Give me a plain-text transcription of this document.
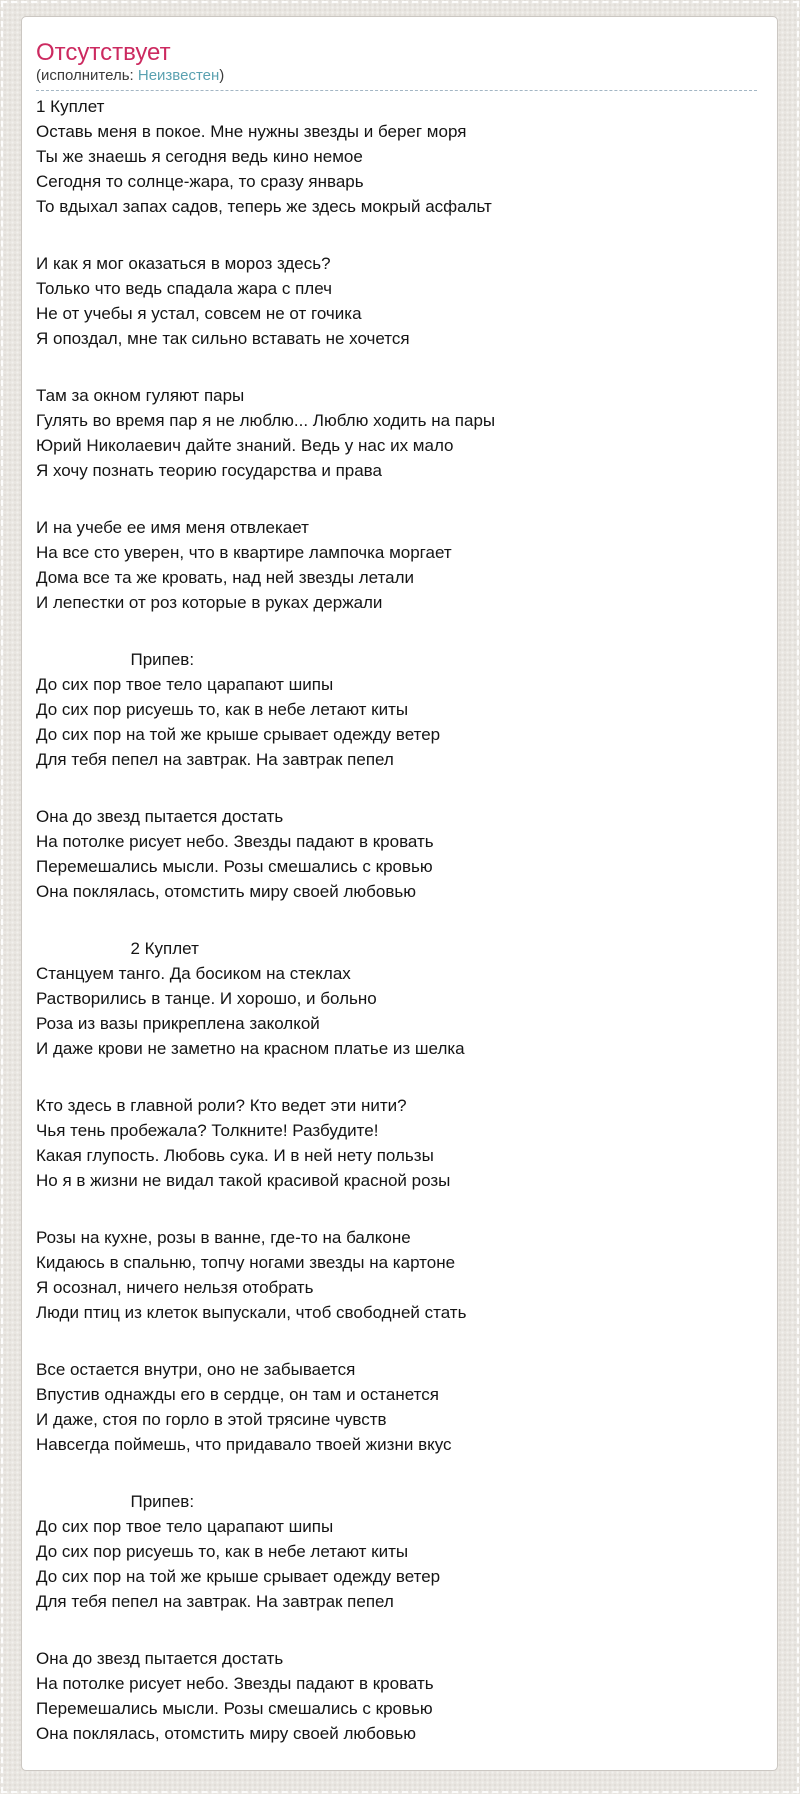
Отсутствует

(исполнитель: Неизвестен)

1 Куплет
Оставь меня в покое. Мне нужны звезды и берег моря
Ты же знаешь я сегодня ведь кино немое
Сегодня то солнце-жара, то сразу январь
То вдыхал запах садов, теперь же здесь мокрый асфальт
И как я мог оказаться в мороз здесь?
Только что ведь спадала жара с плеч
Не от учебы я устал, совсем не от гочика
Я опоздал, мне так сильно вставать не хочется
Там за окном гуляют пары
Гулять во время пар я не люблю... Люблю ходить на пары
Юрий Николаевич дайте знаний. Ведь у нас их мало
Я хочу познать теорию государства и права
И на учебе ее имя меня отвлекает
На все сто уверен, что в квартире лампочка моргает
Дома все та же кровать, над ней звезды летали
И лепестки от роз которые в руках держали
Припев:
До сих пор твое тело царапают шипы
До сих пор рисуешь то, как в небе летают киты
До сих пор на той же крыше срывает одежду ветер
Для тебя пепел на завтрак. На завтрак пепел
Она до звезд пытается достать
На потолке рисует небо. Звезды падают в кровать
Перемешались мысли. Розы смешались с кровью
Она поклялась, отомстить миру своей любовью
2 Куплет
Станцуем танго. Да босиком на стеклах
Растворились в танце. И хорошо, и больно
Роза из вазы прикреплена заколкой
И даже крови не заметно на красном платье из шелка
Кто здесь в главной роли? Кто ведет эти нити?
Чья тень пробежала? Толкните! Разбудите!
Какая глупость. Любовь сука. И в ней нету пользы
Но я в жизни не видал такой красивой красной розы
Розы на кухне, розы в ванне, где-то на балконе
Кидаюсь в спальню, топчу ногами звезды на картоне
Я осознал, ничего нельзя отобрать
Люди птиц из клеток выпускали, чтоб свободней стать
Все остается внутри, оно не забывается
Впустив однажды его в сердце, он там и останется
И даже, стоя по горло в этой трясине чувств
Навсегда поймешь, что придавало твоей жизни вкус
Припев:
До сих пор твое тело царапают шипы
До сих пор рисуешь то, как в небе летают киты
До сих пор на той же крыше срывает одежду ветер
Для тебя пепел на завтрак. На завтрак пепел
Она до звезд пытается достать
На потолке рисует небо. Звезды падают в кровать
Перемешались мысли. Розы смешались с кровью
Она поклялась, отомстить миру своей любовью
